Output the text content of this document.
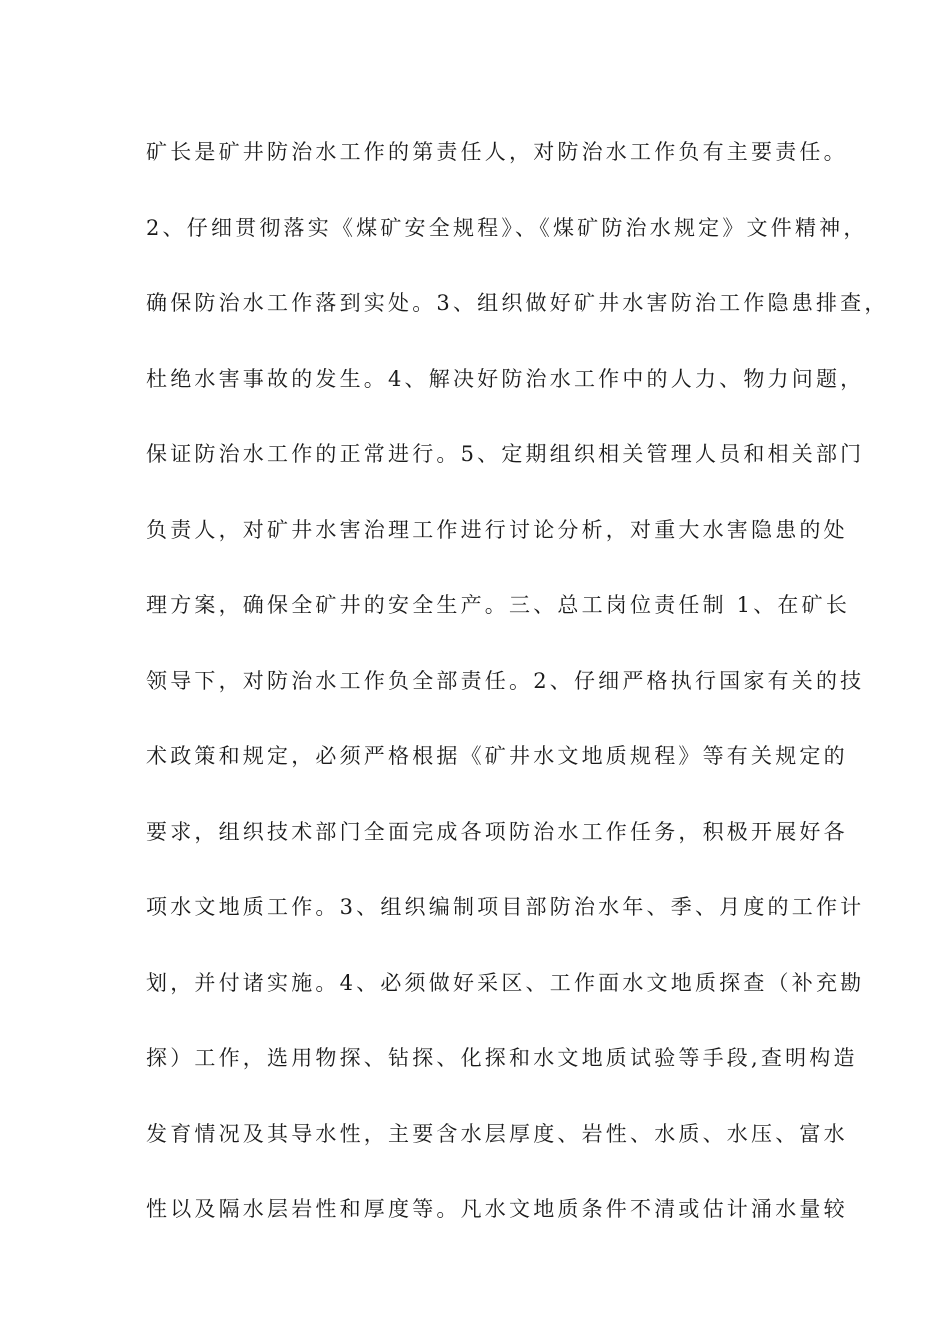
矿长是矿井防治水工作的第责任人，对防治水工作负有主要责任。
2、仔细贯彻落实《煤矿安全规程》、《煤矿防治水规定》文件精神，
确保防治水工作落到实处。3、组织做好矿井水害防治工作隐患排查，
杜绝水害事故的发生。4、解决好防治水工作中的人力、物力问题，
保证防治水工作的正常进行。5、定期组织相关管理人员和相关部门
负责人，对矿井水害治理工作进行讨论分析，对重大水害隐患的处
理方案，确保全矿井的安全生产。三、总工岗位责任制 1、在矿长
领导下，对防治水工作负全部责任。2、仔细严格执行国家有关的技
术政策和规定，必须严格根据《矿井水文地质规程》等有关规定的
要求，组织技术部门全面完成各项防治水工作任务，积极开展好各
项水文地质工作。3、组织编制项目部防治水年、季、月度的工作计
划，并付诸实施。4、必须做好采区、工作面水文地质探查（补充勘
探）工作，选用物探、钻探、化探和水文地质试验等手段,查明构造
发育情况及其导水性，主要含水层厚度、岩性、水质、水压、富水
性以及隔水层岩性和厚度等。凡水文地质条件不清或估计涌水量较
